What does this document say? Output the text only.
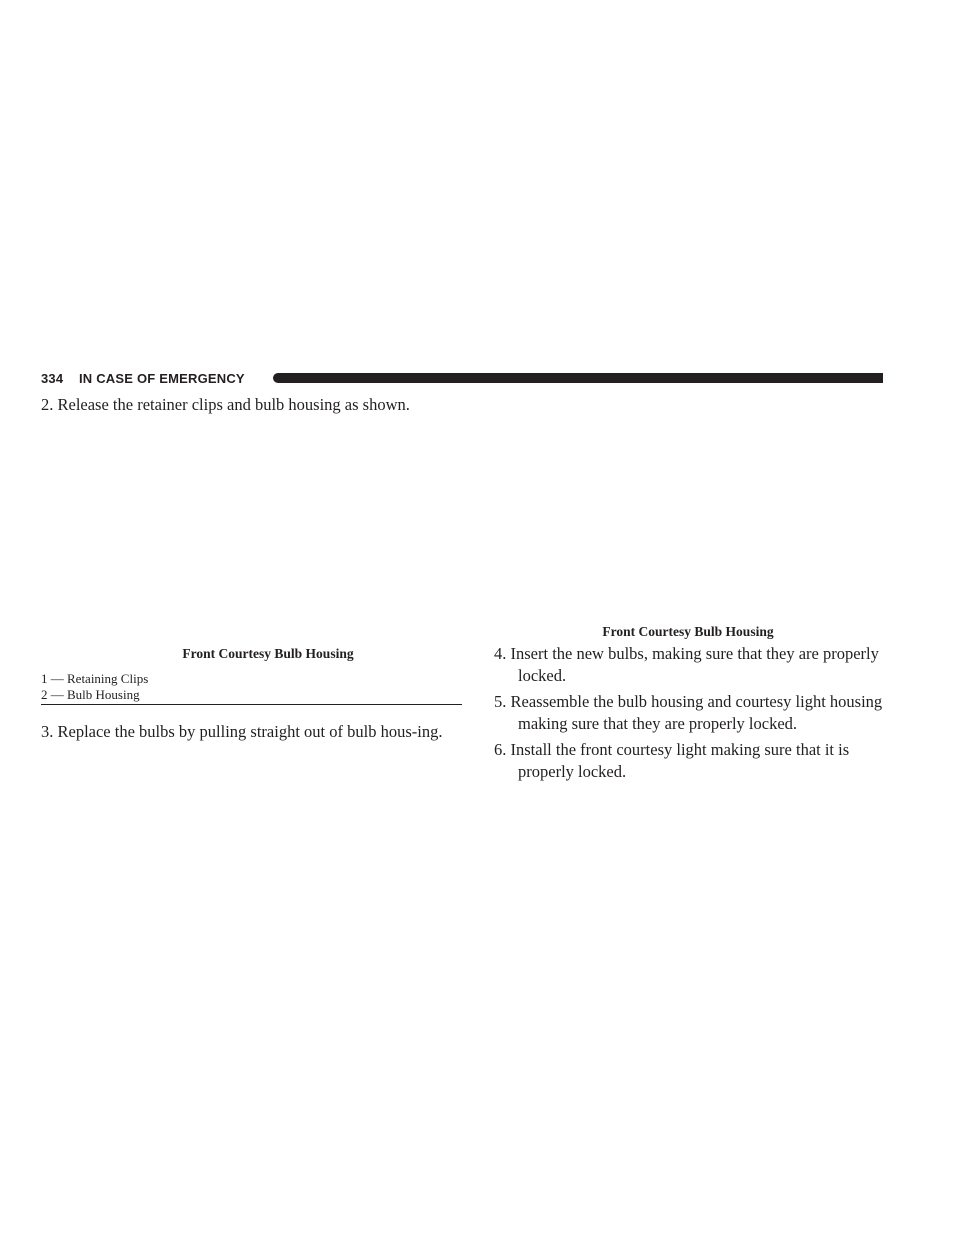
334 IN CASE OF EMERGENCY
2. Release the retainer clips and bulb housing as shown.
Front Courtesy Bulb Housing
1 — Retaining Clips
2 — Bulb Housing
3. Replace the bulbs by pulling straight out of bulb hous-ing.
Front Courtesy Bulb Housing
4. Insert the new bulbs, making sure that they are properly locked.
5. Reassemble the bulb housing and courtesy light housing making sure that they are properly locked.
6. Install the front courtesy light making sure that it is properly locked.
